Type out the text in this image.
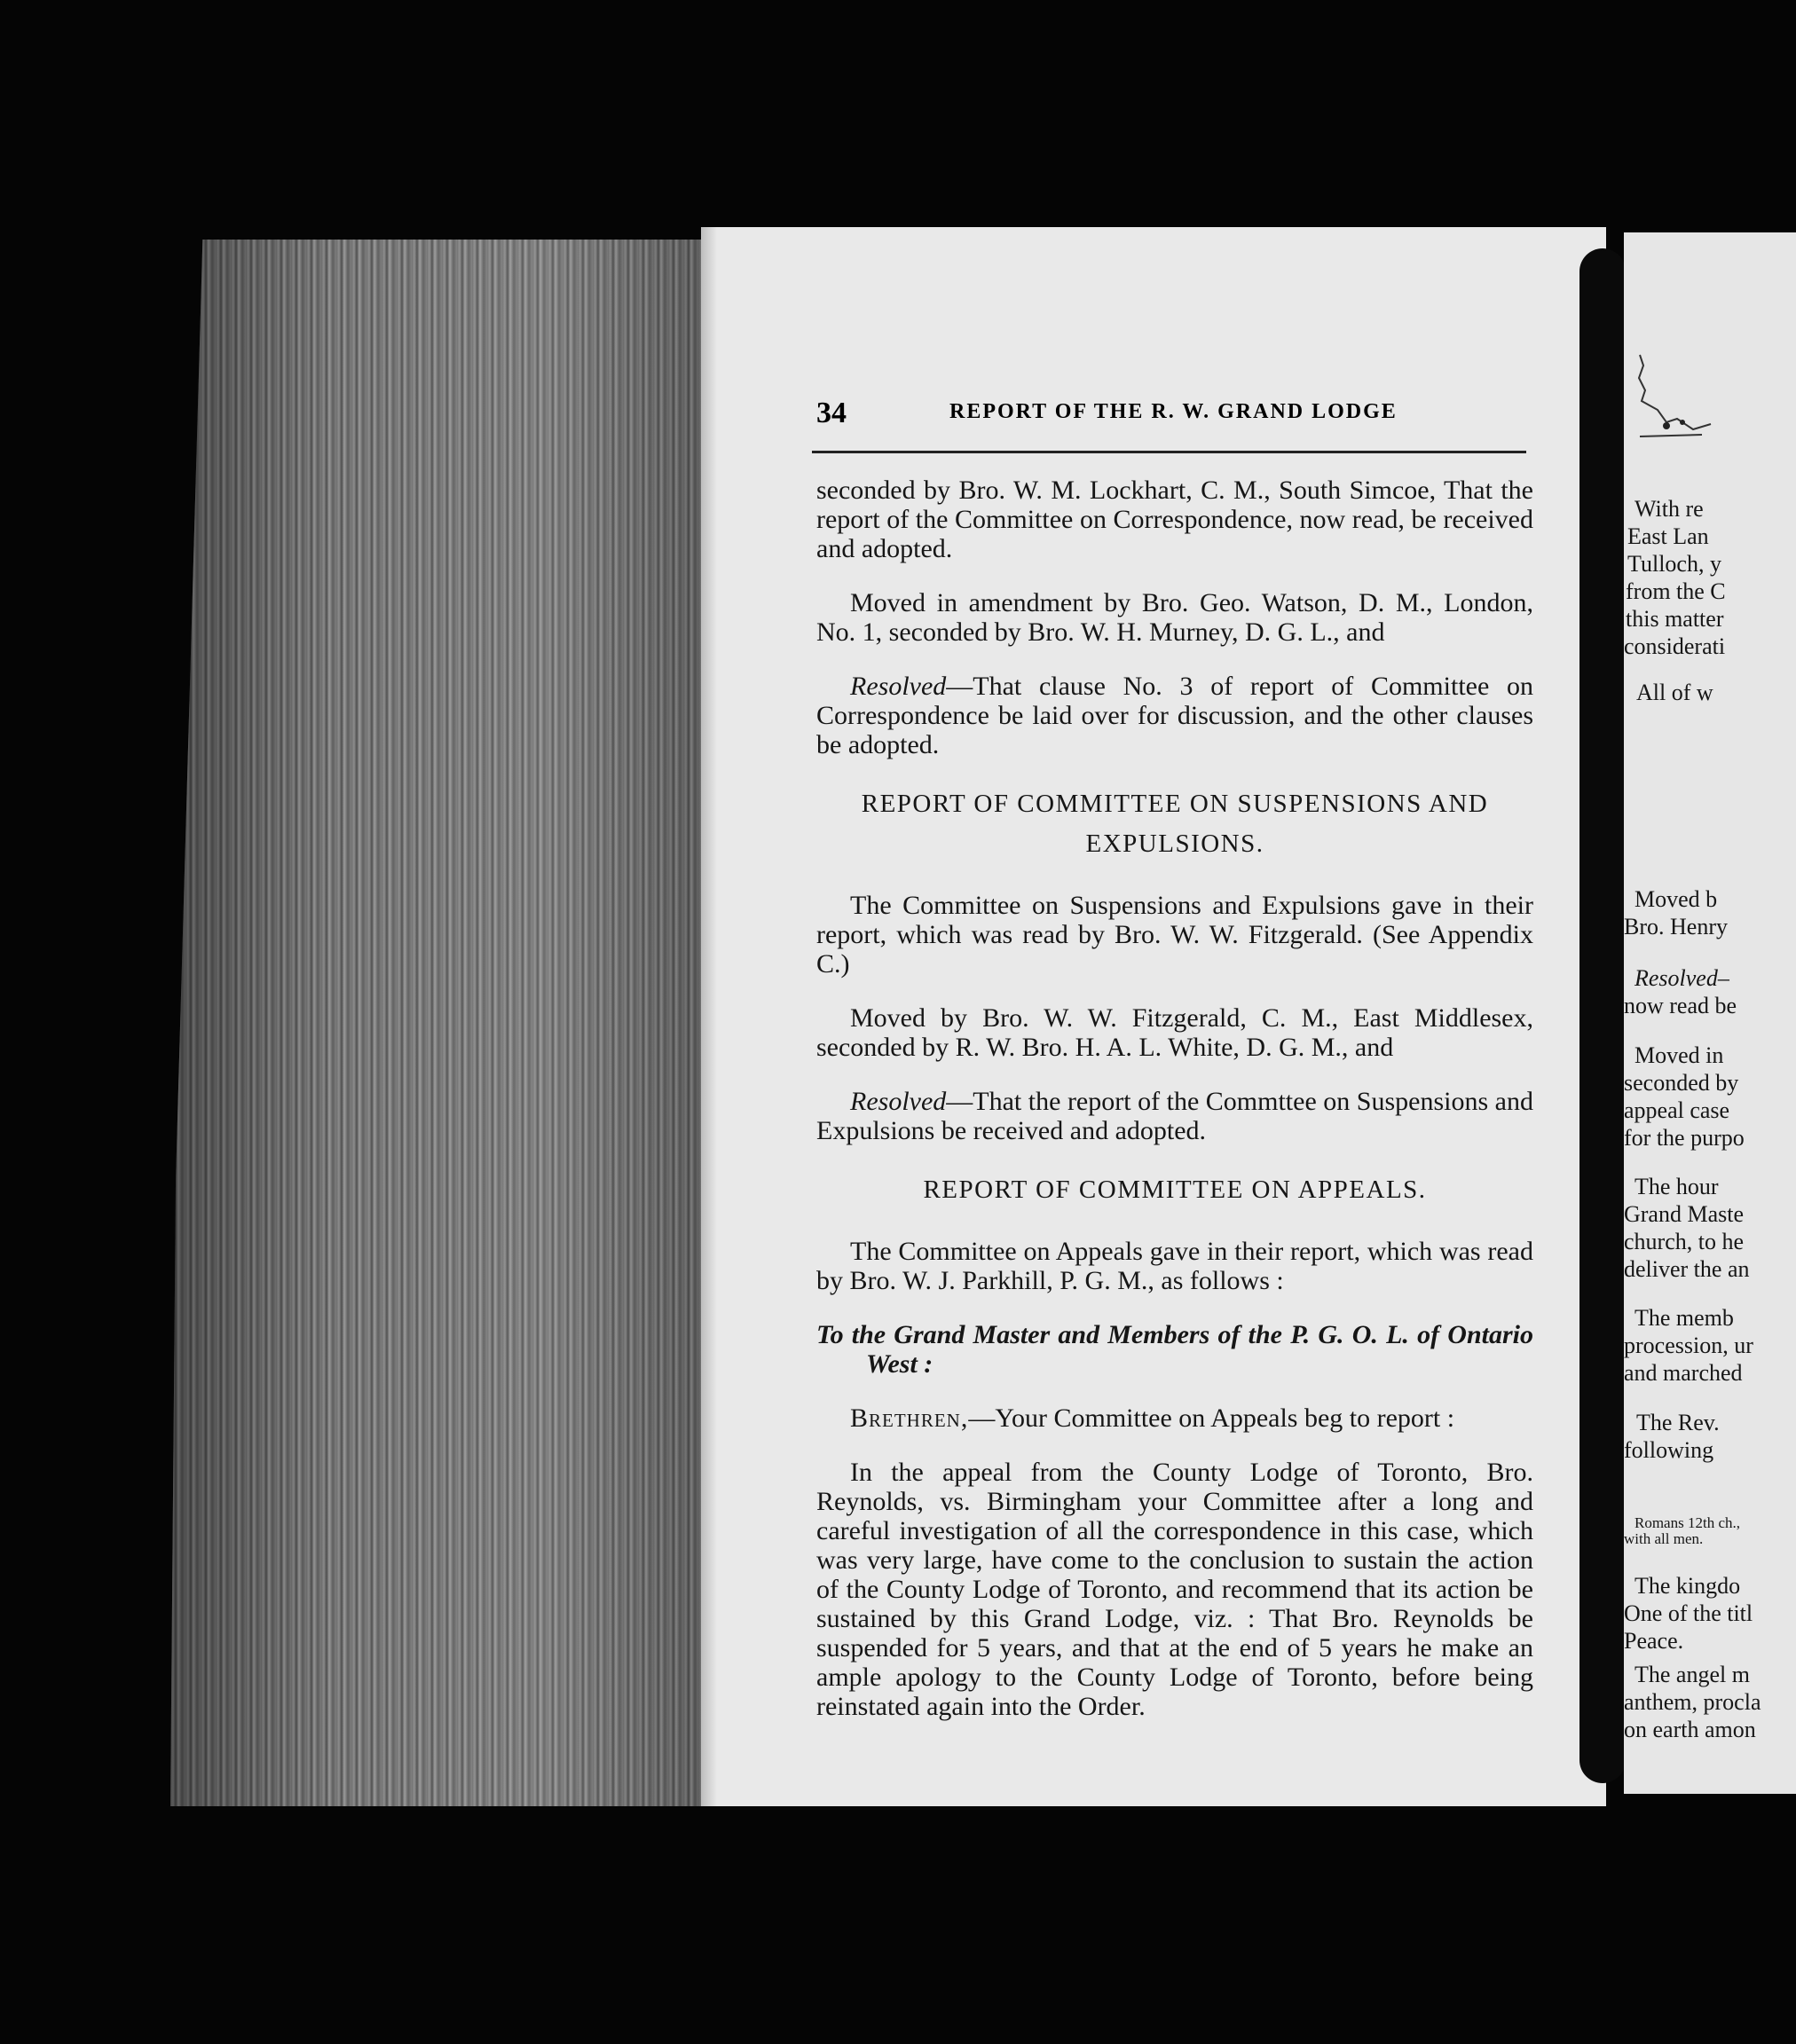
With re
East Lan
Tulloch, y
from the C
this matter
considerati
All of w
Moved b
Bro. Henry
Resolved–
now read be
Moved in
seconded by
appeal case
for the purpo
The hour
Grand Maste
church, to he
deliver the an
The memb
procession, ur
and marched
The Rev.
following
Romans 12th ch.,
with all men.
The kingdo
One of the titl
Peace.
The angel m
anthem, procla
on earth amon
34	REPORT OF THE R. W. GRAND LODGE

seconded by Bro. W. M. Lockhart, C. M., South Simcoe, That the report of the Committee on Correspondence, now read, be received and adopted.

Moved in amendment by Bro. Geo. Watson, D. M., London, No. 1, seconded by Bro. W. H. Murney, D. G. L., and

Resolved—That clause No. 3 of report of Committee on Correspondence be laid over for discussion, and the other clauses be adopted.

REPORT OF COMMITTEE ON SUSPENSIONS AND EXPULSIONS.

The Committee on Suspensions and Expulsions gave in their report, which was read by Bro. W. W. Fitzgerald. (See Appendix C.)

Moved by Bro. W. W. Fitzgerald, C. M., East Middlesex, seconded by R. W. Bro. H. A. L. White, D. G. M., and

Resolved—That the report of the Commttee on Suspensions and Expulsions be received and adopted.

REPORT OF COMMITTEE ON APPEALS.

The Committee on Appeals gave in their report, which was read by Bro. W. J. Parkhill, P. G. M., as follows :

To the Grand Master and Members of the P. G. O. L. of Ontario West :

Brethren,—Your Committee on Appeals beg to report :

In the appeal from the County Lodge of Toronto, Bro. Reynolds, vs. Birmingham your Committee after a long and careful investigation of all the correspondence in this case, which was very large, have come to the conclusion to sustain the action of the County Lodge of Toronto, and recommend that its action be sustained by this Grand Lodge, viz. : That Bro. Reynolds be suspended for 5 years, and that at the end of 5 years he make an ample apology to the County Lodge of Toronto, before being reinstated again into the Order.
